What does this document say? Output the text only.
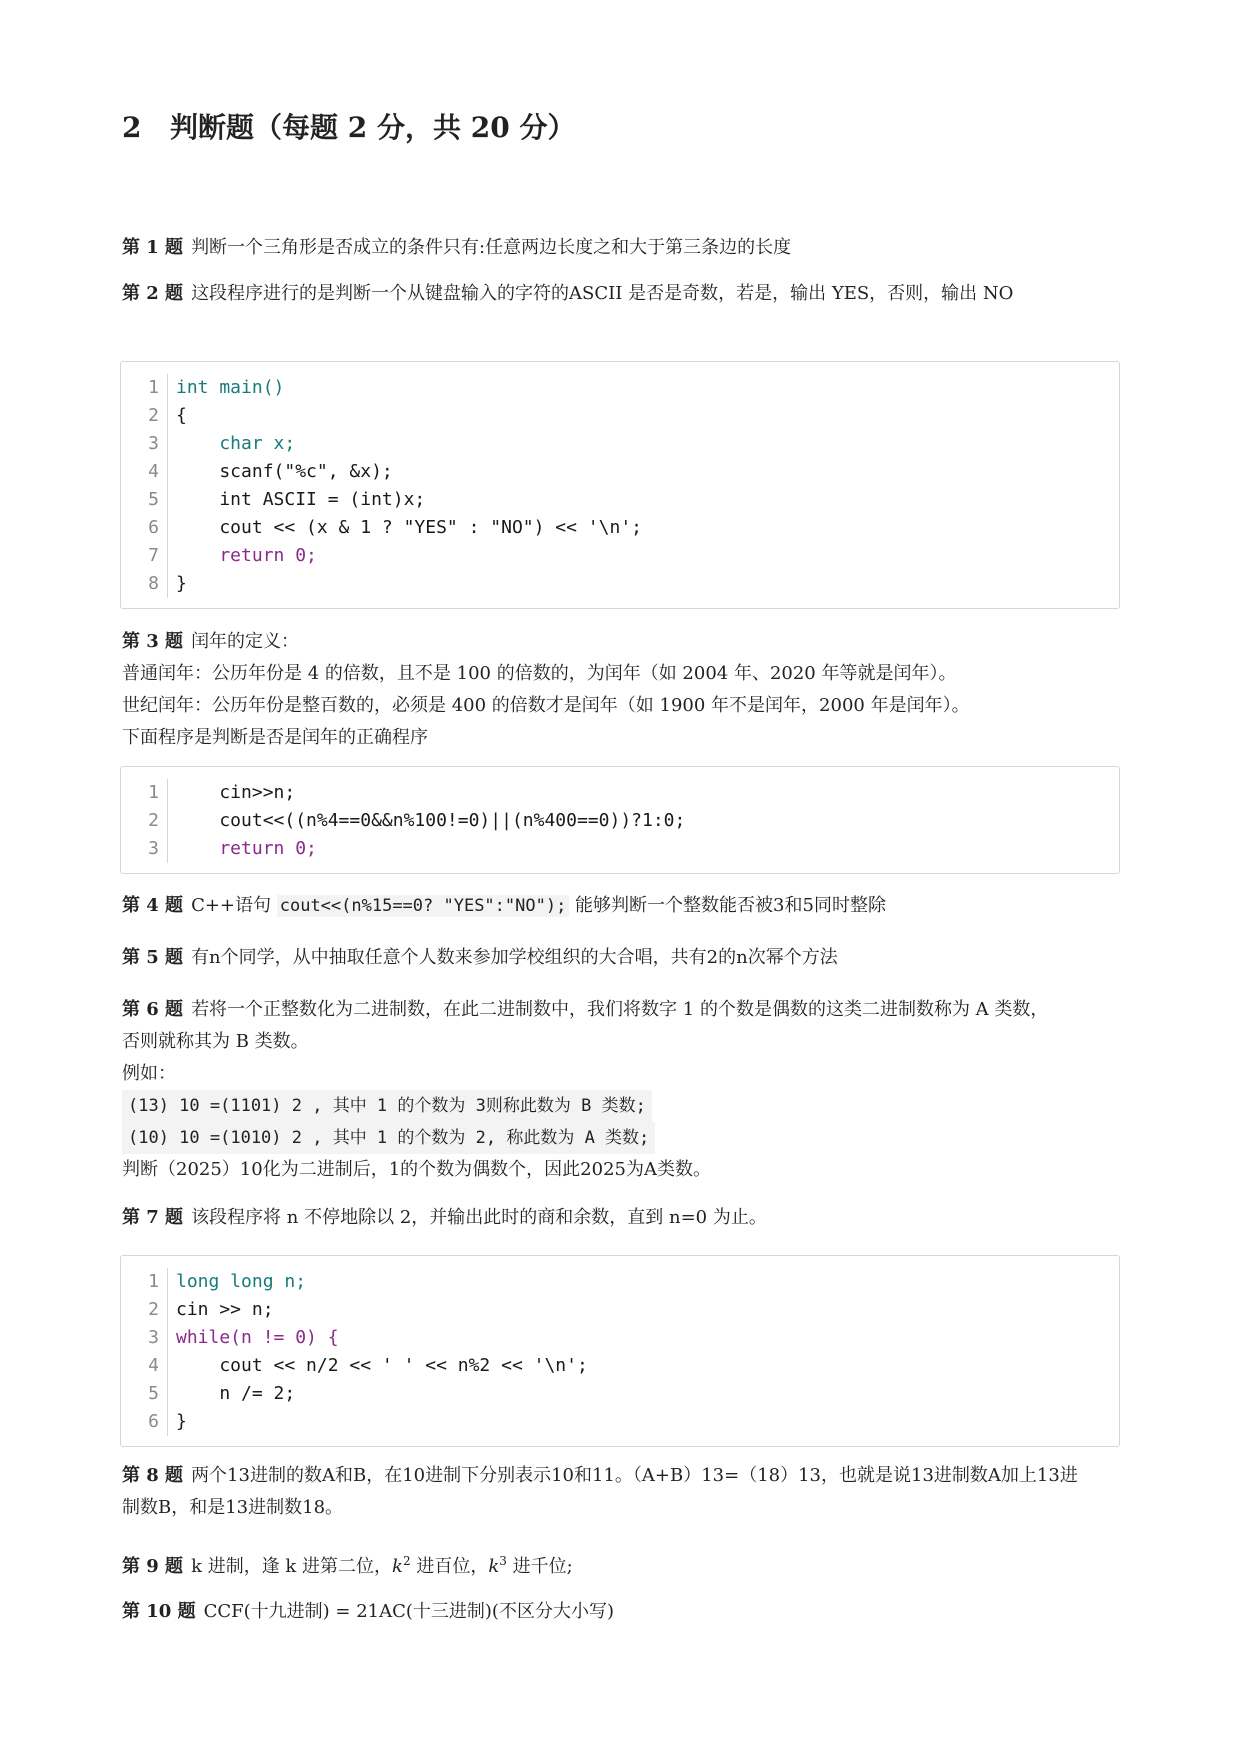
2 判断题（每题 2 分，共 20 分）

第 1 题 判断一个三角形是否成立的条件只有:任意两边长度之和大于第三条边的长度

第 2 题 这段程序进行的是判断一个从键盘输入的字符的ASCII 是否是奇数，若是，输出 YES，否则，输出 NO

1 int main()
2 {
3 char x;
4 scanf("%c", &x);
5 int ASCII = (int)x;
6 cout << (x & 1 ? "YES" : "NO") << '\n';
7 return 0;
8 }
第 3 题 闰年的定义：
普通闰年：公历年份是 4 的倍数，且不是 100 的倍数的，为闰年（如 2004 年、2020 年等就是闰年）。
世纪闰年：公历年份是整百数的，必须是 400 的倍数才是闰年（如 1900 年不是闰年，2000 年是闰年）。
下面程序是判断是否是闰年的正确程序
1 cin>>n;
2 cout<<((n%4==0&&n%100!=0)||(n%400==0))?1:0;
3 return 0;

第 4 题 C++语句 cout<<(n%15==0? "YES":"NO"); 能够判断一个整数能否被3和5同时整除

第 5 题 有n个同学，从中抽取任意个人数来参加学校组织的大合唱，共有2的n次幂个方法

第 6 题 若将一个正整数化为二进制数，在此二进制数中，我们将数字 1 的个数是偶数的这类二进制数称为 A 类数，
否则就称其为 B 类数。
例如：
(13) 10 =(1101) 2 , 其中 1 的个数为 3则称此数为 B 类数;
(10) 10 =(1010) 2 , 其中 1 的个数为 2, 称此数为 A 类数;
判断（2025）10化为二进制后，1的个数为偶数个，因此2025为A类数。

第 7 题 该段程序将 n 不停地除以 2，并输出此时的商和余数，直到 n=0 为止。

1 long long n;
2 cin >> n;
3 while(n != 0) {
4 cout << n/2 << ' ' << n%2 << '\n';
5 n /= 2;
6 }
第 8 题 两个13进制的数A和B，在10进制下分别表示10和11。（A+B）13=（18）13，也就是说13进制数A加上13进
制数B，和是13进制数18。

第 9 题 k 进制，逢 k 进第二位，$k^2$ 进百位，$k^3$ 进千位;

第 10 题 CCF(十九进制) = 21AC(十三进制)(不区分大小写)
